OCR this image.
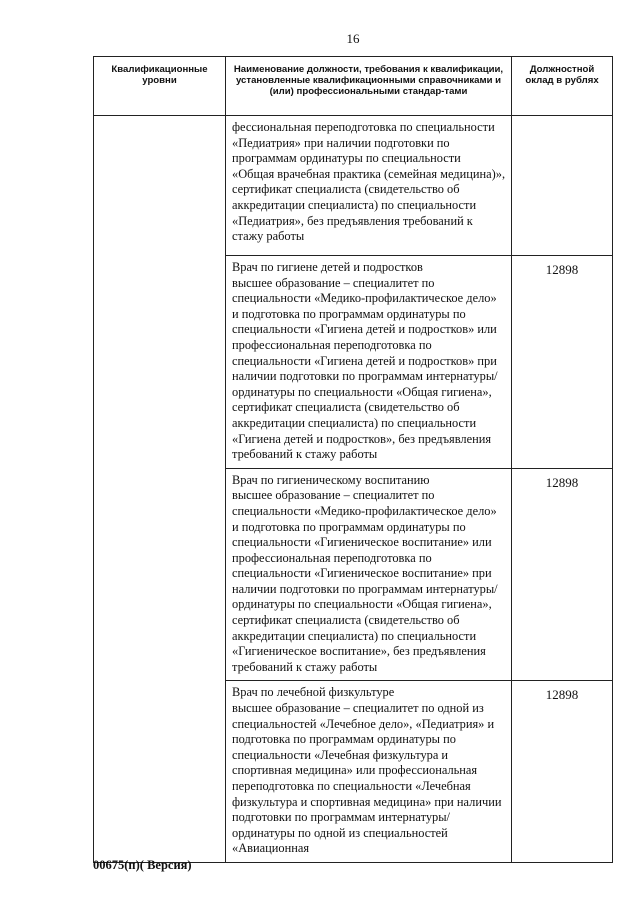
16
Квалификационные уровни	Наименование должности, требования к квалификации, установленные квалификационными справочниками и (или) профессиональными стандар-тами	Должностной оклад в рублях
	фессиональная переподготовка по специальности «Педиатрия» при наличии подготовки по программам ординатуры по специальности «Общая врачебная практика (семейная медицина)», сертификат специалиста (свидетельство об аккредитации специалиста) по специальности «Педиатрия», без предъявления требований к стажу работы	

	Врач по гигиене детей и подростков
высшее образование – специалитет по специальности «Медико-профилактическое дело» и подготовка по программам ординатуры по специальности «Гигиена детей и подростков» или профессиональная переподготовка по специальности «Гигиена детей и подростков» при наличии подготовки по программам интернатуры/ординатуры по специальности «Общая гигиена», сертификат специалиста (свидетельство об аккредитации специалиста) по специальности «Гигиена детей и подростков», без предъявления требований к стажу работы	12898

	Врач по гигиеническому воспитанию
высшее образование – специалитет по специальности «Медико-профилактическое дело» и подготовка по программам ординатуры по специальности «Гигиеническое воспитание» или профессиональная переподготовка по специальности «Гигиеническое воспитание» при наличии подготовки по программам интернатуры/ординатуры по специальности «Общая гигиена», сертификат специалиста (свидетельство об аккредитации специалиста) по специальности «Гигиеническое воспитание», без предъявления требований к стажу работы	12898

	Врач по лечебной физкультуре
высшее образование – специалитет по одной из специальностей «Лечебное дело», «Педиатрия» и подготовка по программам ординатуры по специальности «Лечебная физкультура и спортивная медицина» или профессиональная переподготовка по специальности «Лечебная физкультура и спортивная медицина» при наличии подготовки по программам интернатуры/ординатуры по одной из специальностей «Авиационная	12898
00675(п)( Версия)
